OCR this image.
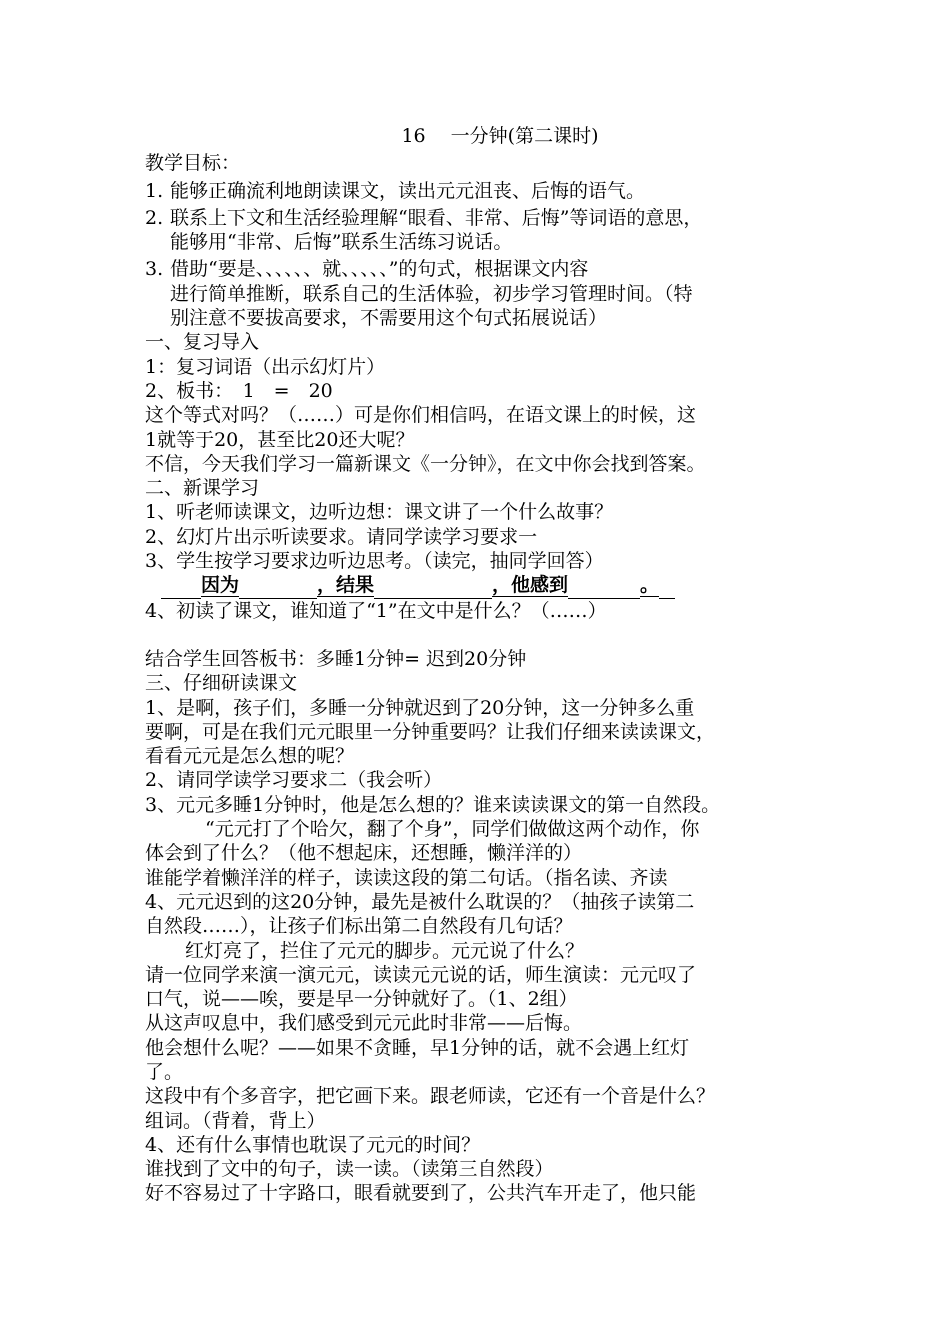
16　 一分钟(第二课时)
教学目标：
1. 能够正确流利地朗读课文，读出元元沮丧、后悔的语气。
2. 联系上下文和生活经验理解“眼看、非常、后悔”等词语的意思，
能够用“非常、后悔”联系生活练习说话。
3. 借助“要是、、、、、、就、、、、、”的句式，根据课文内容
进行简单推断，联系自己的生活体验，初步学习管理时间。（特
别注意不要拔高要求，不需要用这个句式拓展说话）
一、复习导入
1：复习词语（出示幻灯片）
2、板书：　1　=　20
这个等式对吗？（……）可是你们相信吗，在语文课上的时候，这
1就等于20，甚至比20还大呢？
不信，今天我们学习一篇新课文《一分钟》，在文中你会找到答案。
二、新课学习
1、听老师读课文，边听边想：课文讲了一个什么故事？
2、幻灯片出示听读要求。请同学读学习要求一
3、学生按学习要求边听边思考。（读完，抽同学回答）
因为	，结果	，他感到	。
4、初读了课文，谁知道了“1”在文中是什么？（……）
结合学生回答板书：多睡1分钟= 迟到20分钟
三、仔细研读课文
1、是啊，孩子们，多睡一分钟就迟到了20分钟，这一分钟多么重
要啊，可是在我们元元眼里一分钟重要吗？让我们仔细来读读课文，
看看元元是怎么想的呢？
2、请同学读学习要求二（我会听）
3、元元多睡1分钟时，他是怎么想的？谁来读读课文的第一自然段。
“元元打了个哈欠，翻了个身”，同学们做做这两个动作，你
体会到了什么？（他不想起床，还想睡，懒洋洋的）
谁能学着懒洋洋的样子，读读这段的第二句话。（指名读、齐读
4、元元迟到的这20分钟，最先是被什么耽误的？（抽孩子读第二
自然段……），让孩子们标出第二自然段有几句话？
红灯亮了，拦住了元元的脚步。元元说了什么？
请一位同学来演一演元元，读读元元说的话，师生演读：元元叹了
口气，说——唉，要是早一分钟就好了。（1、2组）
从这声叹息中，我们感受到元元此时非常——后悔。
他会想什么呢？——如果不贪睡，早1分钟的话，就不会遇上红灯
了。
这段中有个多音字，把它画下来。跟老师读，它还有一个音是什么？
组词。（背着，背上）
4、还有什么事情也耽误了元元的时间？
谁找到了文中的句子，读一读。（读第三自然段）
好不容易过了十字路口，眼看就要到了，公共汽车开走了，他只能
